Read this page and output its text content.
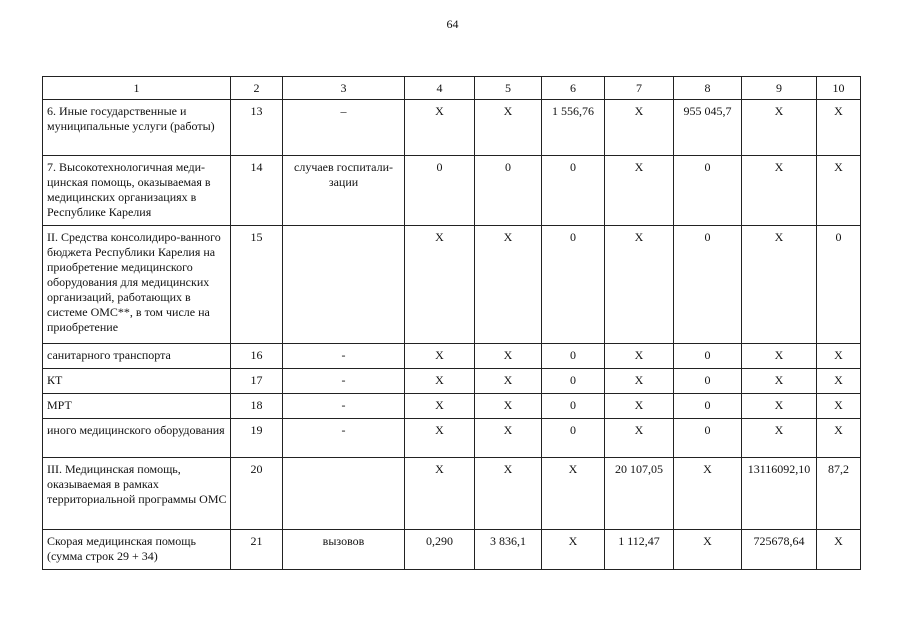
64
1	2	3	4	5	6	7	8	9	10
6. Иные государственные и муниципальные услуги (работы)	13	–	X	X	1 556,76	X	955 045,7	X	X
7. Высокотехнологичная меди-цинская помощь, оказываемая в медицинских организациях в Республике Карелия	14	случаев госпитали-зации	0	0	0	X	0	X	X
II. Средства консолидиро-ванного бюджета Республики Карелия на приобретение медицинского оборудования для медицинских организаций, работающих в системе ОМС**, в том числе на приобретение	15		X	X	0	X	0	X	0
санитарного транспорта	16	-	X	X	0	X	0	X	X
КТ	17	-	X	X	0	X	0	X	X
МРТ	18	-	X	X	0	X	0	X	X
иного медицинского оборудования	19	-	X	X	0	X	0	X	X
III. Медицинская помощь, оказываемая в рамках территориальной программы ОМС	20		X	X	X	20 107,05	X	13116092,10	87,2
Скорая медицинская помощь (сумма строк 29 + 34)	21	вызовов	0,290	3 836,1	X	1 112,47	X	725678,64	X
